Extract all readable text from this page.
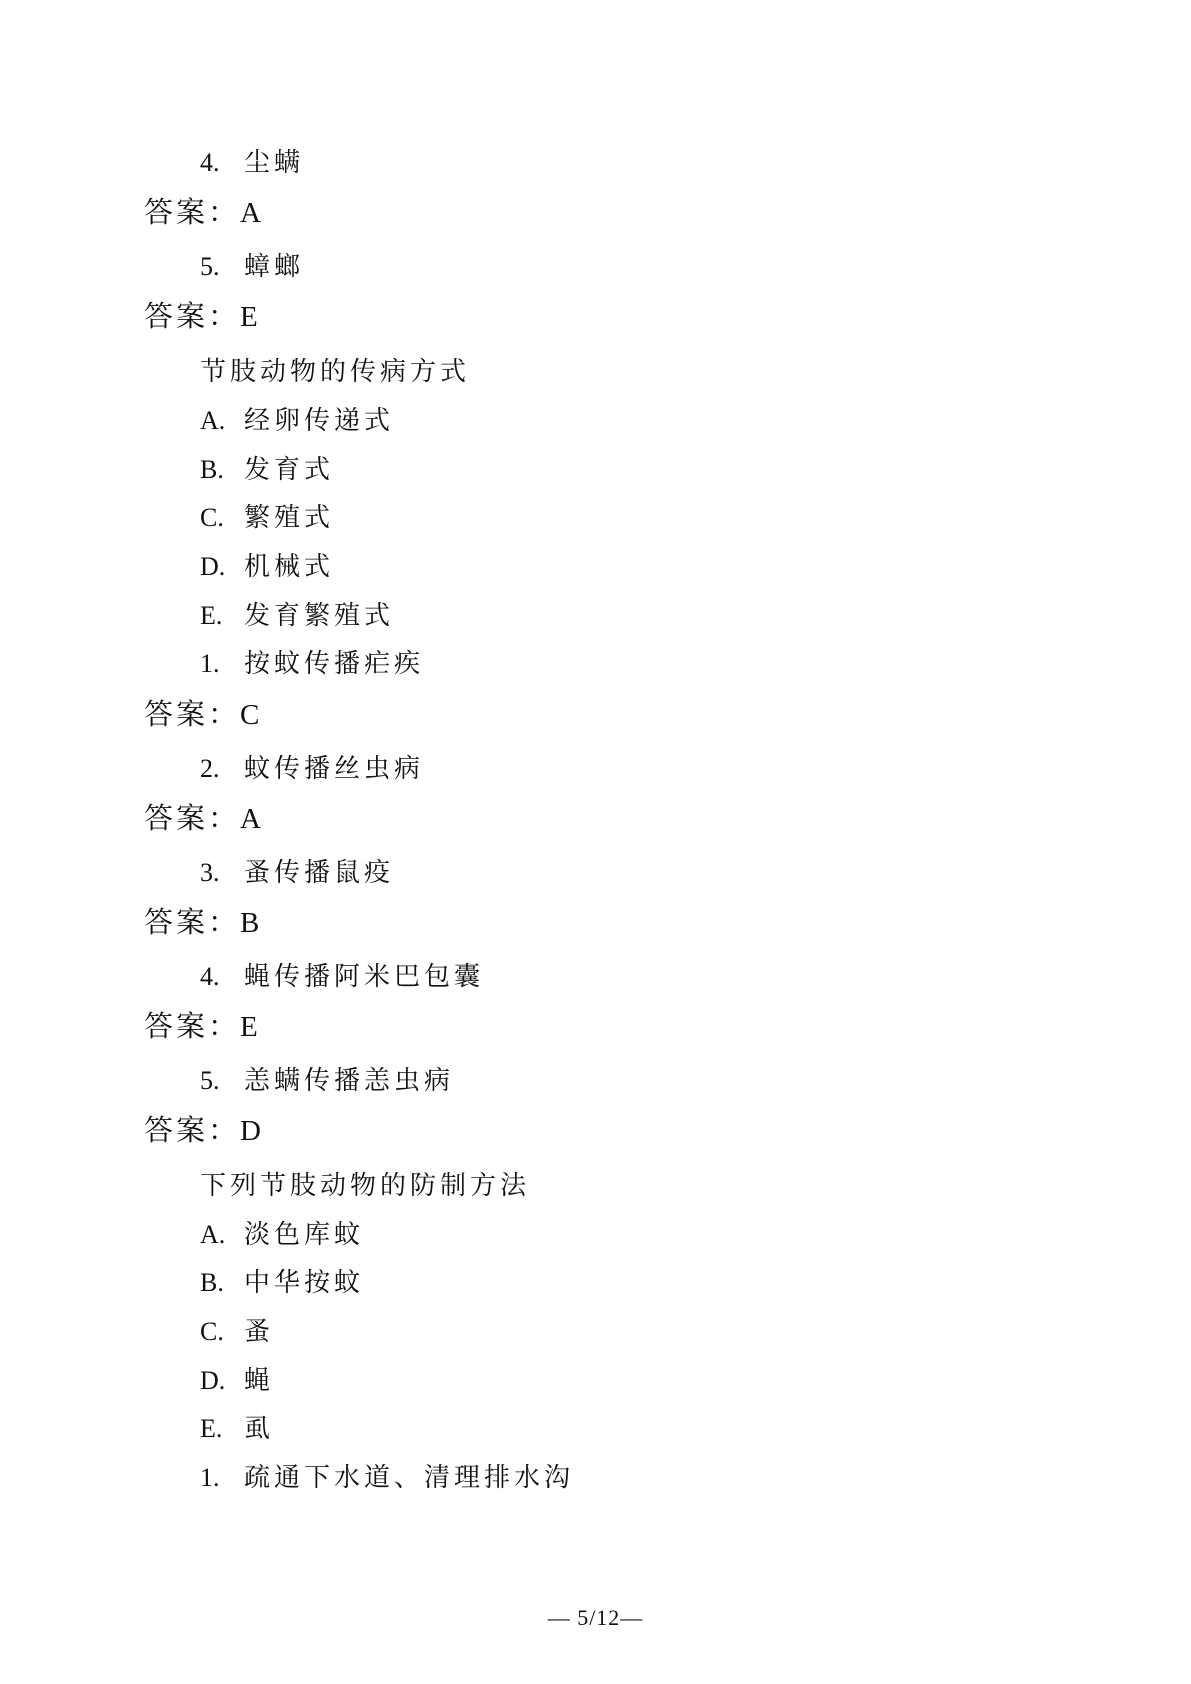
4. 尘螨
答案：A
5. 蟑螂
答案：E
节肢动物的传病方式
A. 经卵传递式
B. 发育式
C. 繁殖式
D. 机械式
E. 发育繁殖式
1. 按蚊传播疟疾
答案：C
2. 蚊传播丝虫病
答案：A
3. 蚤传播鼠疫
答案：B
4. 蝇传播阿米巴包囊
答案：E
5. 恙螨传播恙虫病
答案：D
下列节肢动物的防制方法
A. 淡色库蚊
B. 中华按蚊
C. 蚤
D. 蝇
E. 虱
1. 疏通下水道、清理排水沟
— 5/12—
